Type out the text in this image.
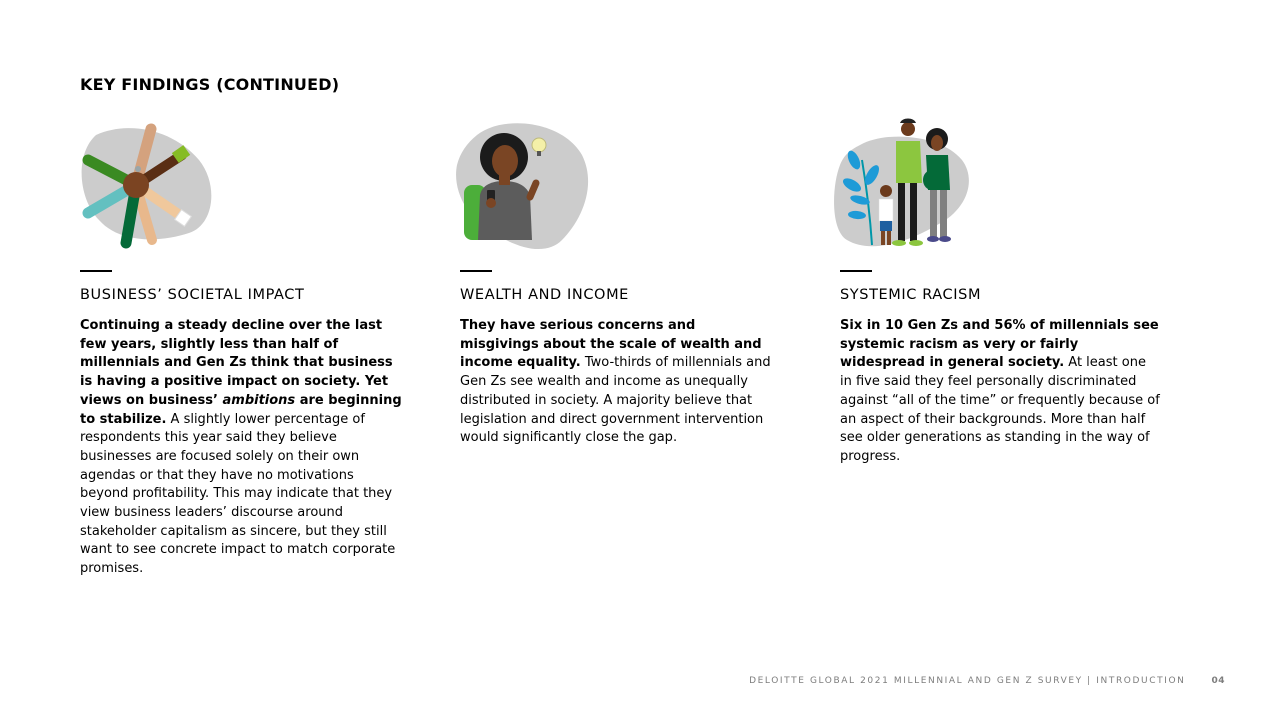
KEY FINDINGS (CONTINUED)
BUSINESS’ SOCIETAL IMPACT

Continuing a steady decline over the last few years, slightly less than half of millennials and Gen Zs think that business is having a positive impact on society. Yet views on business’ ambitions are beginning to stabilize. A slightly lower percentage of respondents this year said they believe businesses are focused solely on their own agendas or that they have no motivations beyond profitability. This may indicate that they view business leaders’ discourse around stakeholder capitalism as sincere, but they still want to see concrete impact to match corporate promises.

WEALTH AND INCOME

They have serious concerns and misgivings about the scale of wealth and income equality. Two-thirds of millennials and Gen Zs see wealth and income as unequally distributed in society. A majority believe that legislation and direct government intervention would significantly close the gap.

SYSTEMIC RACISM

Six in 10 Gen Zs and 56% of millennials see systemic racism as very or fairly widespread in general society. At least one in five said they feel personally discriminated against “all of the time” or frequently because of an aspect of their backgrounds. More than half see older generations as standing in the way of progress.

DELOITTE GLOBAL 2021 MILLENNIAL AND GEN Z SURVEY | INTRODUCTION	04
